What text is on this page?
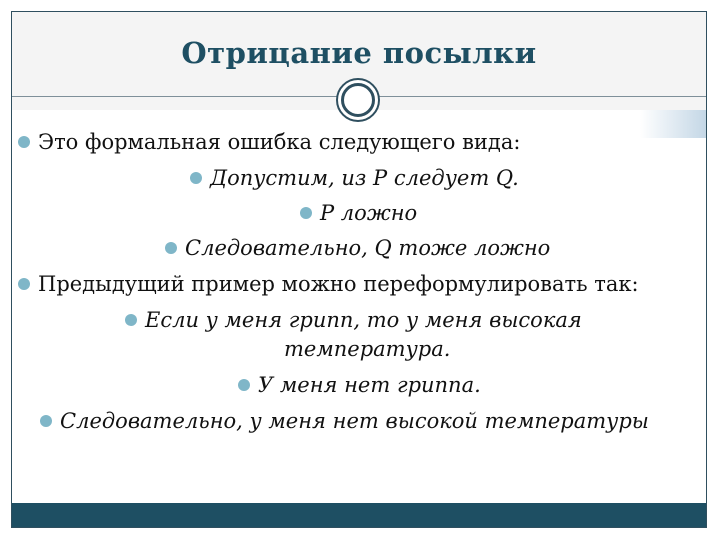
Отрицание посылки
Это формальная ошибка следующего вида:
Допустим, из P следует Q.
P ложно
Следовательно, Q тоже ложно
Предыдущий пример можно переформулировать так:
Если у меня грипп, то у меня высокая
температура.
У меня нет гриппа.
Следовательно, у меня нет высокой температуры
